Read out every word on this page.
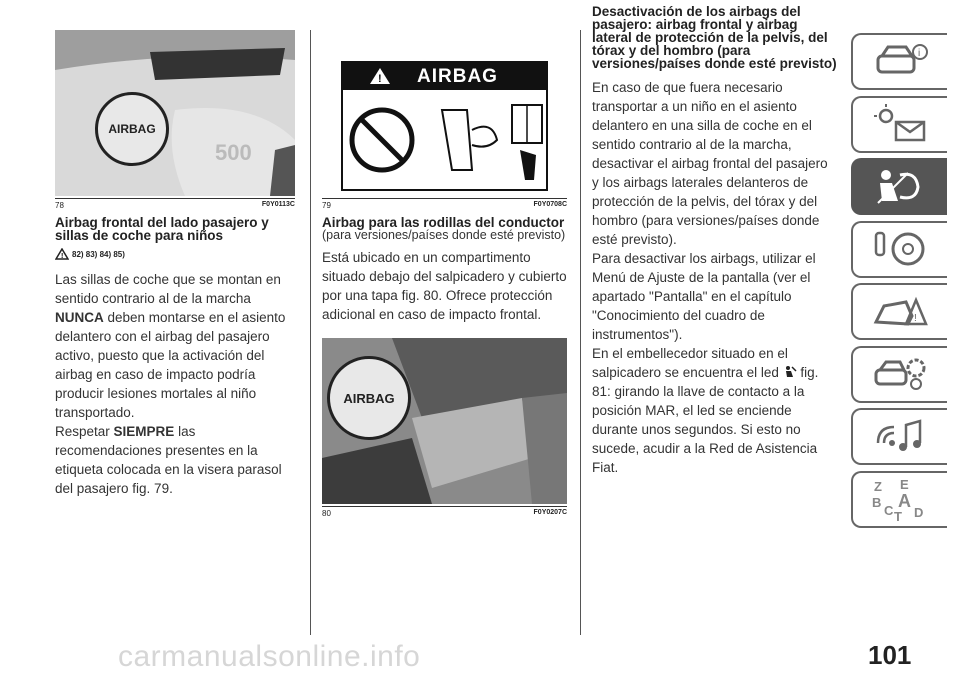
AIRBAG
500
78	F0Y0113C
Airbag frontal del lado pasajero y sillas de coche para niños
! 82) 83) 84) 85)

Las sillas de coche que se montan en sentido contrario al de la marcha NUNCA deben montarse en el asiento delantero con el airbag del pasajero activo, puesto que la activación del airbag en caso de impacto podría producir lesiones mortales al niño transportado.

Respetar SIEMPRE las recomendaciones presentes en la etiqueta colocada en la visera parasol del pasajero fig. 79.

! AIRBAG
79	F0Y0708C
Airbag para las rodillas del conductor

(para versiones/países donde esté previsto)

Está ubicado en un compartimento situado debajo del salpicadero y cubierto por una tapa fig. 80. Ofrece protección adicional en caso de impacto frontal.

AIRBAG
80	F0Y0207C
Desactivación de los airbags del pasajero: airbag frontal y airbag lateral de protección de la pelvis, del tórax y del hombro (para versiones/países donde esté previsto)

En caso de que fuera necesario transportar a un niño en el asiento delantero en una silla de coche en el sentido contrario al de la marcha, desactivar el airbag frontal del pasajero y los airbags laterales delanteros de protección de la pelvis, del tórax y del hombro (para versiones/países donde esté previsto).

Para desactivar los airbags, utilizar el Menú de Ajuste de la pantalla (ver el apartado "Pantalla" en el capítulo "Conocimiento del cuadro de instrumentos").

En el embellecedor situado en el salpicadero se encuentra el led fig. 81: girando la llave de contacto a la posición MAR, el led se enciende durante unos segundos. Si esto no sucede, acudir a la Red de Asistencia Fiat.

i
!
Z E
B A
C T D
carmanualsonline.info	101
